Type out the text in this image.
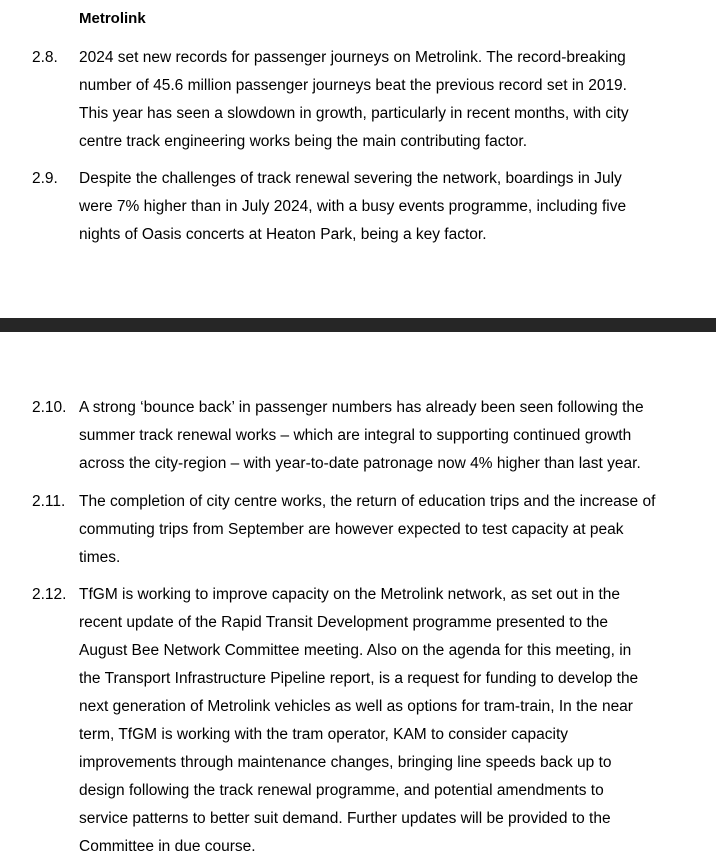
Metrolink
2.8. 2024 set new records for passenger journeys on Metrolink. The record-breaking
number of 45.6 million passenger journeys beat the previous record set in 2019.
This year has seen a slowdown in growth, particularly in recent months, with city
centre track engineering works being the main contributing factor.
2.9. Despite the challenges of track renewal severing the network, boardings in July
were 7% higher than in July 2024, with a busy events programme, including five
nights of Oasis concerts at Heaton Park, being a key factor.
2.10. A strong ‘bounce back’ in passenger numbers has already been seen following the
summer track renewal works – which are integral to supporting continued growth
across the city-region – with year-to-date patronage now 4% higher than last year.
2.11. The completion of city centre works, the return of education trips and the increase of
commuting trips from September are however expected to test capacity at peak
times.
2.12. TfGM is working to improve capacity on the Metrolink network, as set out in the
recent update of the Rapid Transit Development programme presented to the
August Bee Network Committee meeting. Also on the agenda for this meeting, in
the Transport Infrastructure Pipeline report, is a request for funding to develop the
next generation of Metrolink vehicles as well as options for tram-train, In the near
term, TfGM is working with the tram operator, KAM to consider capacity
improvements through maintenance changes, bringing line speeds back up to
design following the track renewal programme, and potential amendments to
service patterns to better suit demand. Further updates will be provided to the
Committee in due course.
